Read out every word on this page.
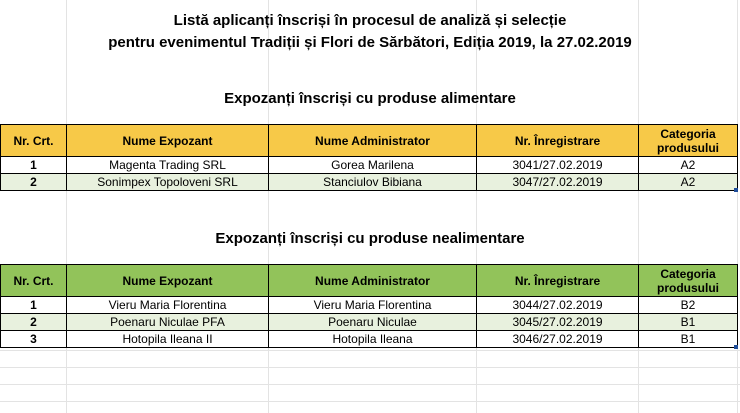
Listă aplicanți înscriși în procesul de analiză și selecție
pentru evenimentul Tradiții și Flori de Sărbători, Ediția 2019, la 27.02.2019
Expozanți înscriși cu produse alimentare
Nr. Crt.	Nume Expozant	Nume Administrator	Nr. Înregistrare	Categoria produsului
1	Magenta Trading SRL	Gorea Marilena	3041/27.02.2019	A2
2	Sonimpex Topoloveni SRL	Stanciulov Bibiana	3047/27.02.2019	A2
Expozanți înscriși cu produse nealimentare
Nr. Crt.	Nume Expozant	Nume Administrator	Nr. Înregistrare	Categoria produsului
1	Vieru Maria Florentina	Vieru Maria Florentina	3044/27.02.2019	B2
2	Poenaru Niculae PFA	Poenaru Niculae	3045/27.02.2019	B1
3	Hotopila Ileana II	Hotopila Ileana	3046/27.02.2019	B1
